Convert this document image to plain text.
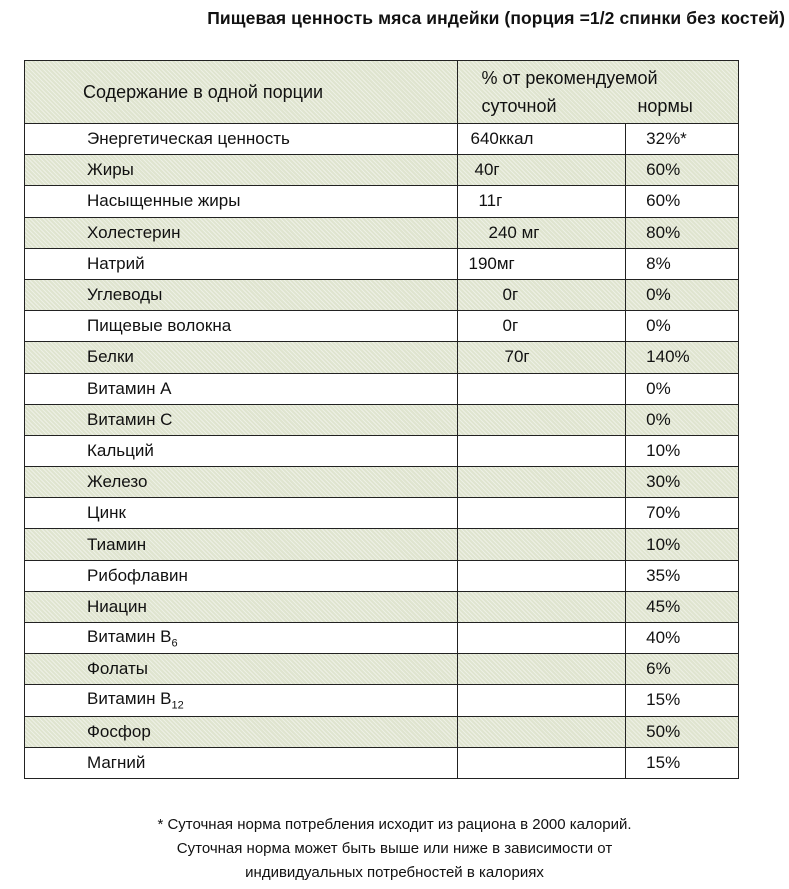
Пищевая ценность мяса индейки (порция =1/2 спинки без костей)
Содержание в одной порции	% от рекомендуемой
суточной нормы	

Энергетическая ценность	640ккал	32%*
Жиры	40г	60%
Насыщенные жиры	11г	60%
Холестерин	240 мг	80%
Натрий	190мг	8%
Углеводы	0г	0%
Пищевые волокна	0г	0%
Белки	70г	140%
Витамин А		0%
Витамин С		0%
Кальций		10%
Железо		30%
Цинк		70%
Тиамин		10%
Рибофлавин		35%
Ниацин		45%
Витамин $В_6$		40%
Фолаты		6%
Витамин $В_{12}$		15%
Фосфор		50%
Магний		15%
* Суточная норма потребления исходит из рациона в 2000 калорий.
Суточная норма может быть выше или ниже в зависимости от
индивидуальных потребностей в калориях
